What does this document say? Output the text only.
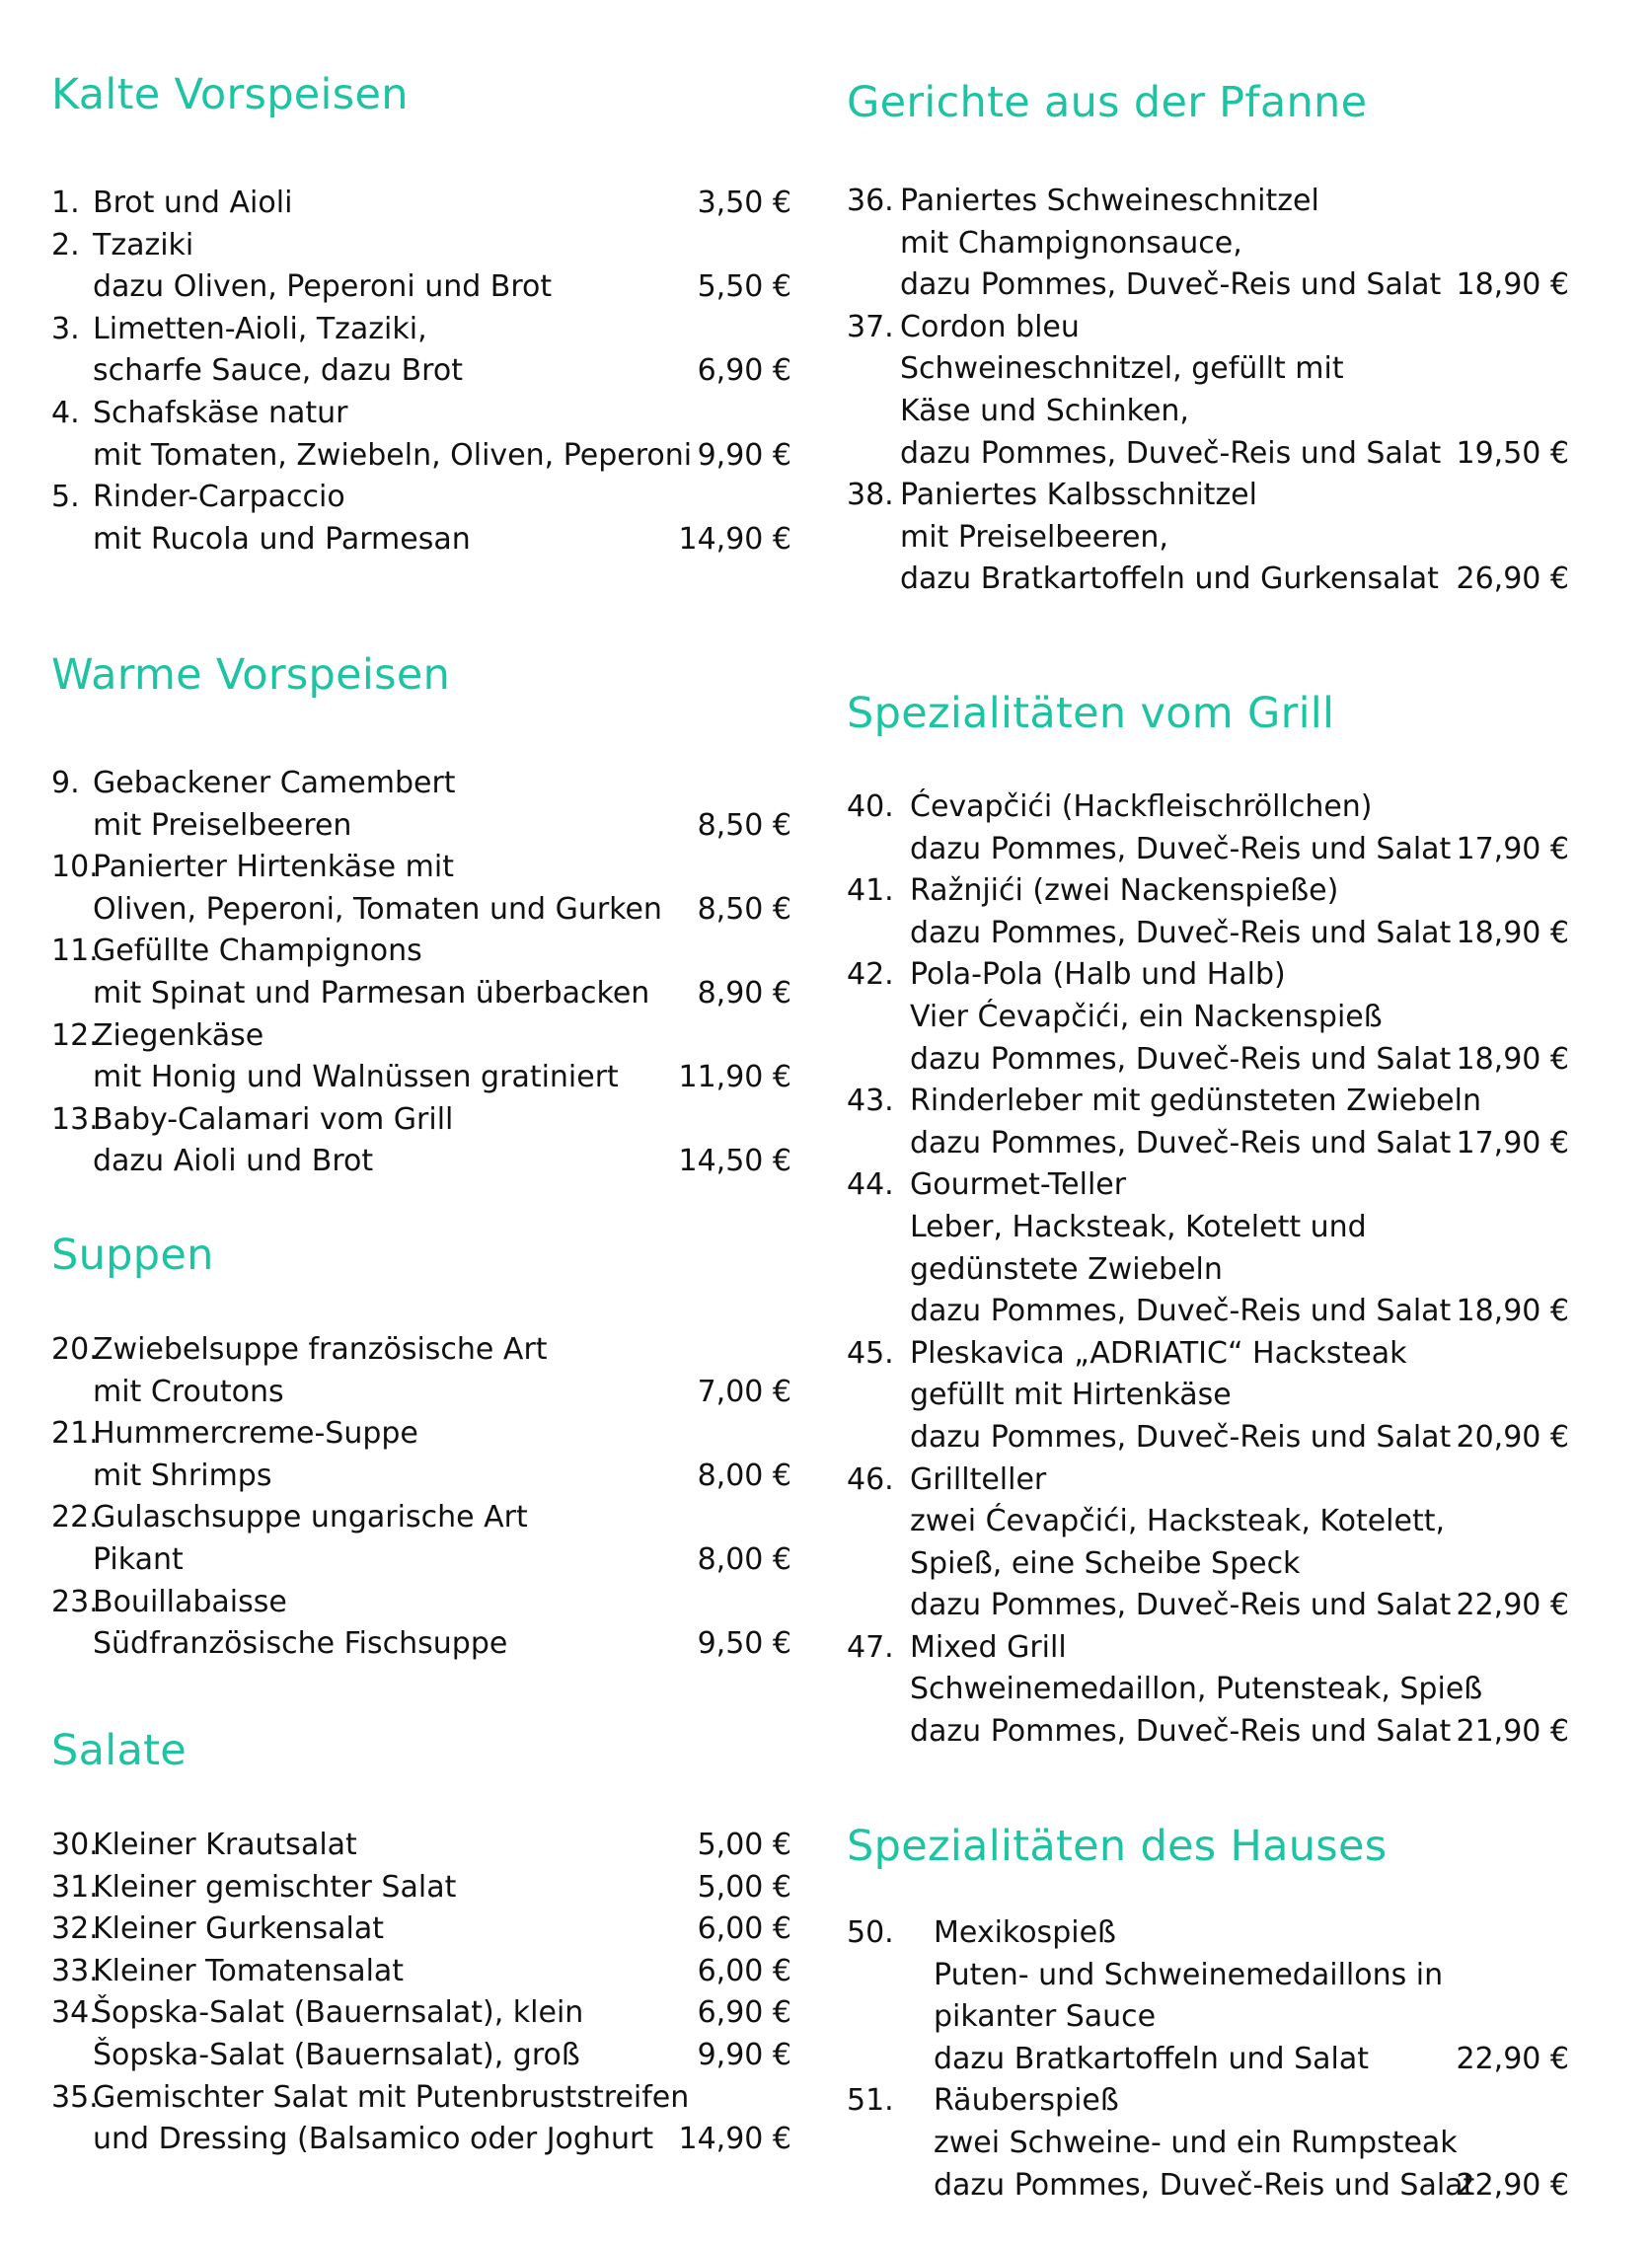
Kalte Vorspeisen
1. Brot und Aioli	3,50 €
2. Tzaziki
dazu Oliven, Peperoni und Brot	5,50 €
3. Limetten-Aioli, Tzaziki,
scharfe Sauce, dazu Brot	6,90 €
4. Schafskäse natur
mit Tomaten, Zwiebeln, Oliven, Peperoni 9,90 €
5. Rinder-Carpaccio
mit Rucola und Parmesan	14,90 €
Warme Vorspeisen
9. Gebackener Camembert
mit Preiselbeeren	8,50 €
10.
Panierter Hirtenkäse mit
Oliven, Peperoni, Tomaten und Gurken 8,50 €
11.
Gefüllte Champignons
mit Spinat und Parmesan überbacken 8,90 €
12.
Ziegenkäse
mit Honig und Walnüssen gratiniert 11,90 €
13.
Baby-Calamari vom Grill
dazu Aioli und Brot	14,50 €
Suppen
20.
Zwiebelsuppe französische Art
mit Croutons	7,00 €
21.
Hummercreme-Suppe
mit Shrimps	8,00 €
22.
Gulaschsuppe ungarische Art
Pikant	8,00 €
23.
Bouillabaisse
Südfranzösische Fischsuppe	9,50 €
Salate
30.
Kleiner Krautsalat	5,00 €
31.
Kleiner gemischter Salat	5,00 €
32.
Kleiner Gurkensalat	6,00 €
33.
Kleiner Tomatensalat	6,00 €
34.
Šopska-Salat (Bauernsalat), klein	6,90 €
Šopska-Salat (Bauernsalat), groß	9,90 €
35.
Gemischter Salat mit Putenbruststreifen
und Dressing (Balsamico oder Joghurt 14,90 €
Gerichte aus der Pfanne
36. Paniertes Schweineschnitzel
mit Champignonsauce,
dazu Pommes, Duveč-Reis und Salat 18,90 €
37. Cordon bleu
Schweineschnitzel, gefüllt mit
Käse und Schinken,
dazu Pommes, Duveč-Reis und Salat 19,50 €
38. Paniertes Kalbsschnitzel
mit Preiselbeeren,
dazu Bratkartoffeln und Gurkensalat 26,90 €
Spezialitäten vom Grill
40. Ćevapčići (Hackfleischröllchen)
dazu Pommes, Duveč-Reis und Salat 17,90 €
41. Ražnjići (zwei Nackenspieße)
dazu Pommes, Duveč-Reis und Salat 18,90 €
42. Pola-Pola (Halb und Halb)
Vier Ćevapčići, ein Nackenspieß
dazu Pommes, Duveč-Reis und Salat 18,90 €
43. Rinderleber mit gedünsteten Zwiebeln
dazu Pommes, Duveč-Reis und Salat 17,90 €
44. Gourmet-Teller
Leber, Hacksteak, Kotelett und
gedünstete Zwiebeln
dazu Pommes, Duveč-Reis und Salat 18,90 €
45. Pleskavica „ADRIATIC“ Hacksteak
gefüllt mit Hirtenkäse
dazu Pommes, Duveč-Reis und Salat 20,90 €
46. Grillteller
zwei Ćevapčići, Hacksteak, Kotelett,
Spieß, eine Scheibe Speck
dazu Pommes, Duveč-Reis und Salat 22,90 €
47. Mixed Grill
Schweinemedaillon, Putensteak, Spieß
dazu Pommes, Duveč-Reis und Salat 21,90 €
Spezialitäten des Hauses
50. Mexikospieß
Puten- und Schweinemedaillons in
pikanter Sauce
dazu Bratkartoffeln und Salat	22,90 €
51. Räuberspieß
zwei Schweine- und ein Rumpsteak
dazu Pommes, Duveč-Reis und Salat
22,90 €
